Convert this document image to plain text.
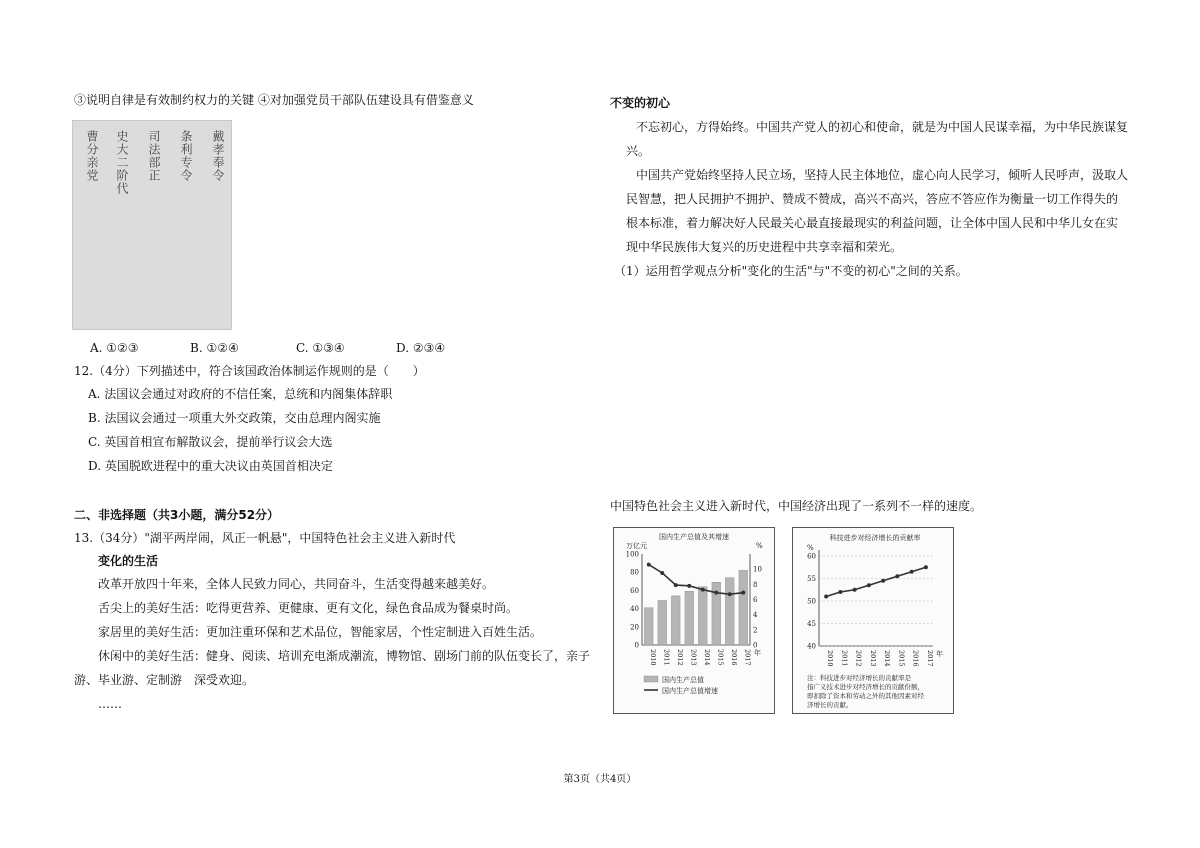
③说明自律是有效制约权力的关键 ④对加强党员干部队伍建设具有借鉴意义
曹分亲党	史大二阶代	司法部正	条利专令	戴孝奉令
A. ①②③	B. ①②④	C. ①③④	D. ②③④
12.（4分）下列描述中，符合该国政治体制运作规则的是（　　）
A. 法国议会通过对政府的不信任案，总统和内阁集体辞职
B. 法国议会通过一项重大外交政策，交由总理内阁实施
C. 英国首相宣布解散议会，提前举行议会大选
D. 英国脱欧进程中的重大决议由英国首相决定
二、非选择题（共3小题，满分52分）
13.（34分）"湖平两岸闹，风正一帆悬"，中国特色社会主义进入新时代
变化的生活
改革开放四十年来，全体人民致力同心，共同奋斗，生活变得越来越美好。
舌尖上的美好生活：吃得更营养、更健康、更有文化，绿色食品成为餐桌时尚。
家居里的美好生活：更加注重环保和艺术品位，智能家居，个性定制进入百姓生活。
休闲中的美好生活：健身、阅读、培训充电渐成潮流，博物馆、剧场门前的队伍变长了，亲子
游、毕业游、定制游　深受欢迎。
……
不变的初心
不忘初心，方得始终。中国共产党人的初心和使命，就是为中国人民谋幸福，为中华民族谋复
兴。
中国共产党始终坚持人民立场，坚持人民主体地位，虚心向人民学习，倾听人民呼声，汲取人
民智慧，把人民拥护不拥护、赞成不赞成，高兴不高兴，答应不答应作为衡量一切工作得失的
根本标准，着力解决好人民最关心最直接最现实的利益问题，让全体中国人民和中华儿女在实
现中华民族伟大复兴的历史进程中共享幸福和荣光。
（1）运用哲学观点分析"变化的生活"与"不变的初心"之间的关系。
中国特色社会主义进入新时代，中国经济出现了一系列不一样的速度。
国内生产总值及其增速
万亿元	%
0
20
40
60
80
100
0
2
4
6
8
10
2010 2011 2012 2013 2014 2015 2016 2017 年
国内生产总值
国内生产总值增速
科技进步对经济增长的贡献率
%
40
45
50
55
60
2010 2011 2012 2013 2014 2015 2016 2017 年
注：科技进步对经济增长的贡献率是
指广义技术进步对经济增长的贡献份额，
即扣除了资本和劳动之外的其他因素对经
济增长的贡献。
第3页（共4页）
